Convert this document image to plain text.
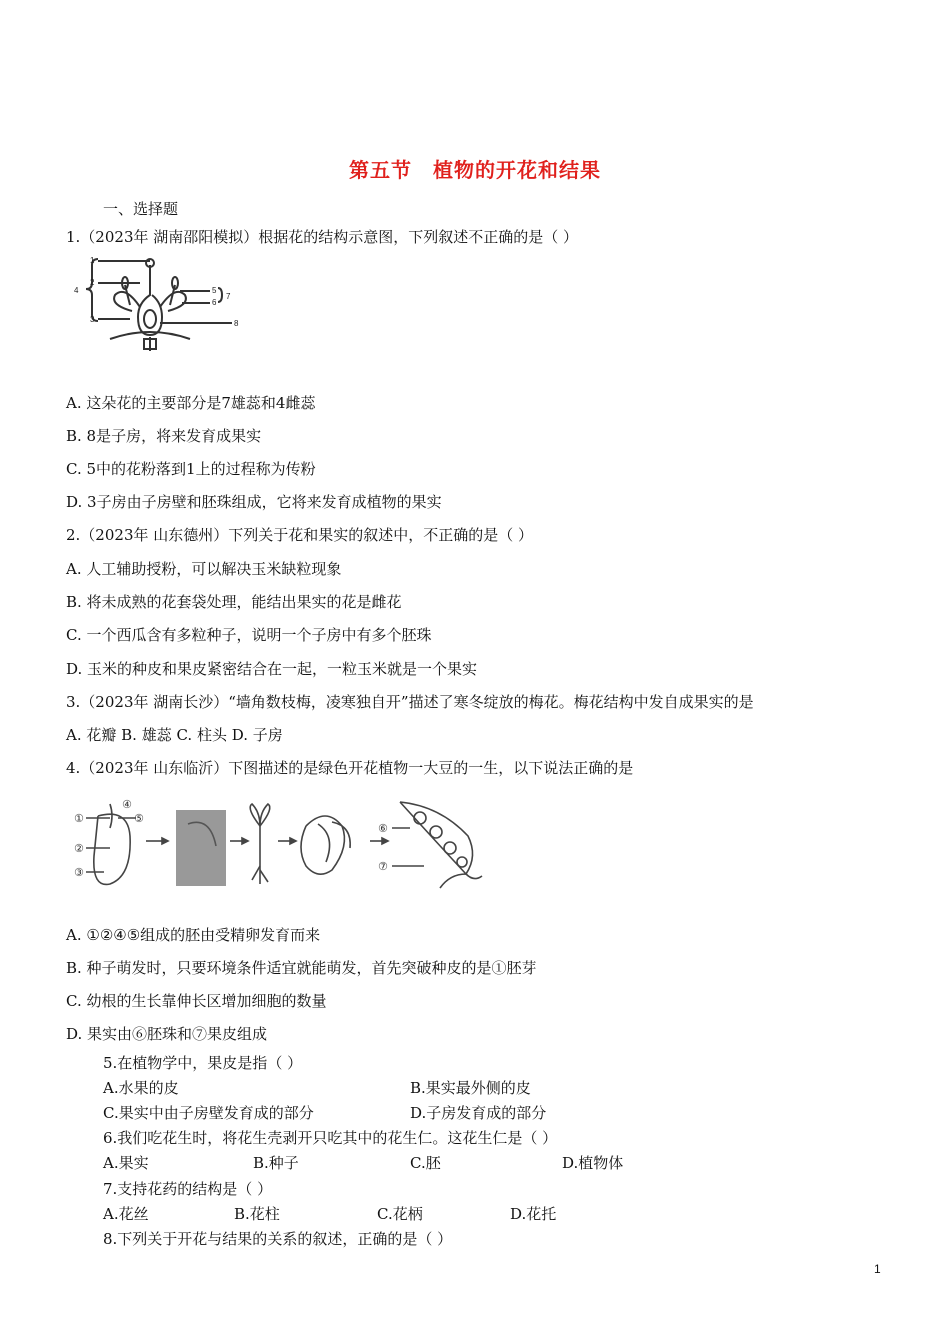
第五节　植物的开花和结果
一、选择题
1.（2023年 湖南邵阳模拟）根据花的结构示意图，下列叙述不正确的是（ ）
1
2
3
4	5
6
7
8
A. 这朵花的主要部分是7雄蕊和4雌蕊
B. 8是子房，将来发育成果实
C. 5中的花粉落到1上的过程称为传粉
D. 3子房由子房壁和胚珠组成，它将来发育成植物的果实
2.（2023年 山东德州）下列关于花和果实的叙述中，不正确的是（ ）
A. 人工辅助授粉，可以解决玉米缺粒现象
B. 将未成熟的花套袋处理，能结出果实的花是雌花
C. 一个西瓜含有多粒种子，说明一个子房中有多个胚珠
D. 玉米的种皮和果皮紧密结合在一起，一粒玉米就是一个果实
3.（2023年 湖南长沙）“墙角数枝梅，凌寒独自开”描述了寒冬绽放的梅花。梅花结构中发自成果实的是
A. 花瓣 B. 雄蕊 C. 柱头 D. 子房
4.（2023年 山东临沂）下图描述的是绿色开花植物一大豆的一生，以下说法正确的是
①
②
③
④
⑤
⑥
⑦
A. ①②④⑤组成的胚由受精卵发育而来
B. 种子萌发时，只要环境条件适宜就能萌发，首先突破种皮的是①胚芽
C. 幼根的生长靠伸长区增加细胞的数量
D. 果实由⑥胚珠和⑦果皮组成
5.在植物学中，果皮是指（ ）
A.水果的皮	B.果实最外侧的皮
C.果实中由子房壁发育成的部分	D.子房发育成的部分
6.我们吃花生时，将花生壳剥开只吃其中的花生仁。这花生仁是（ ）
A.果实	B.种子	C.胚	D.植物体
7.支持花药的结构是（ ）
A.花丝	B.花柱	C.花柄	D.花托
8.下列关于开花与结果的关系的叙述，正确的是（ ）
1
